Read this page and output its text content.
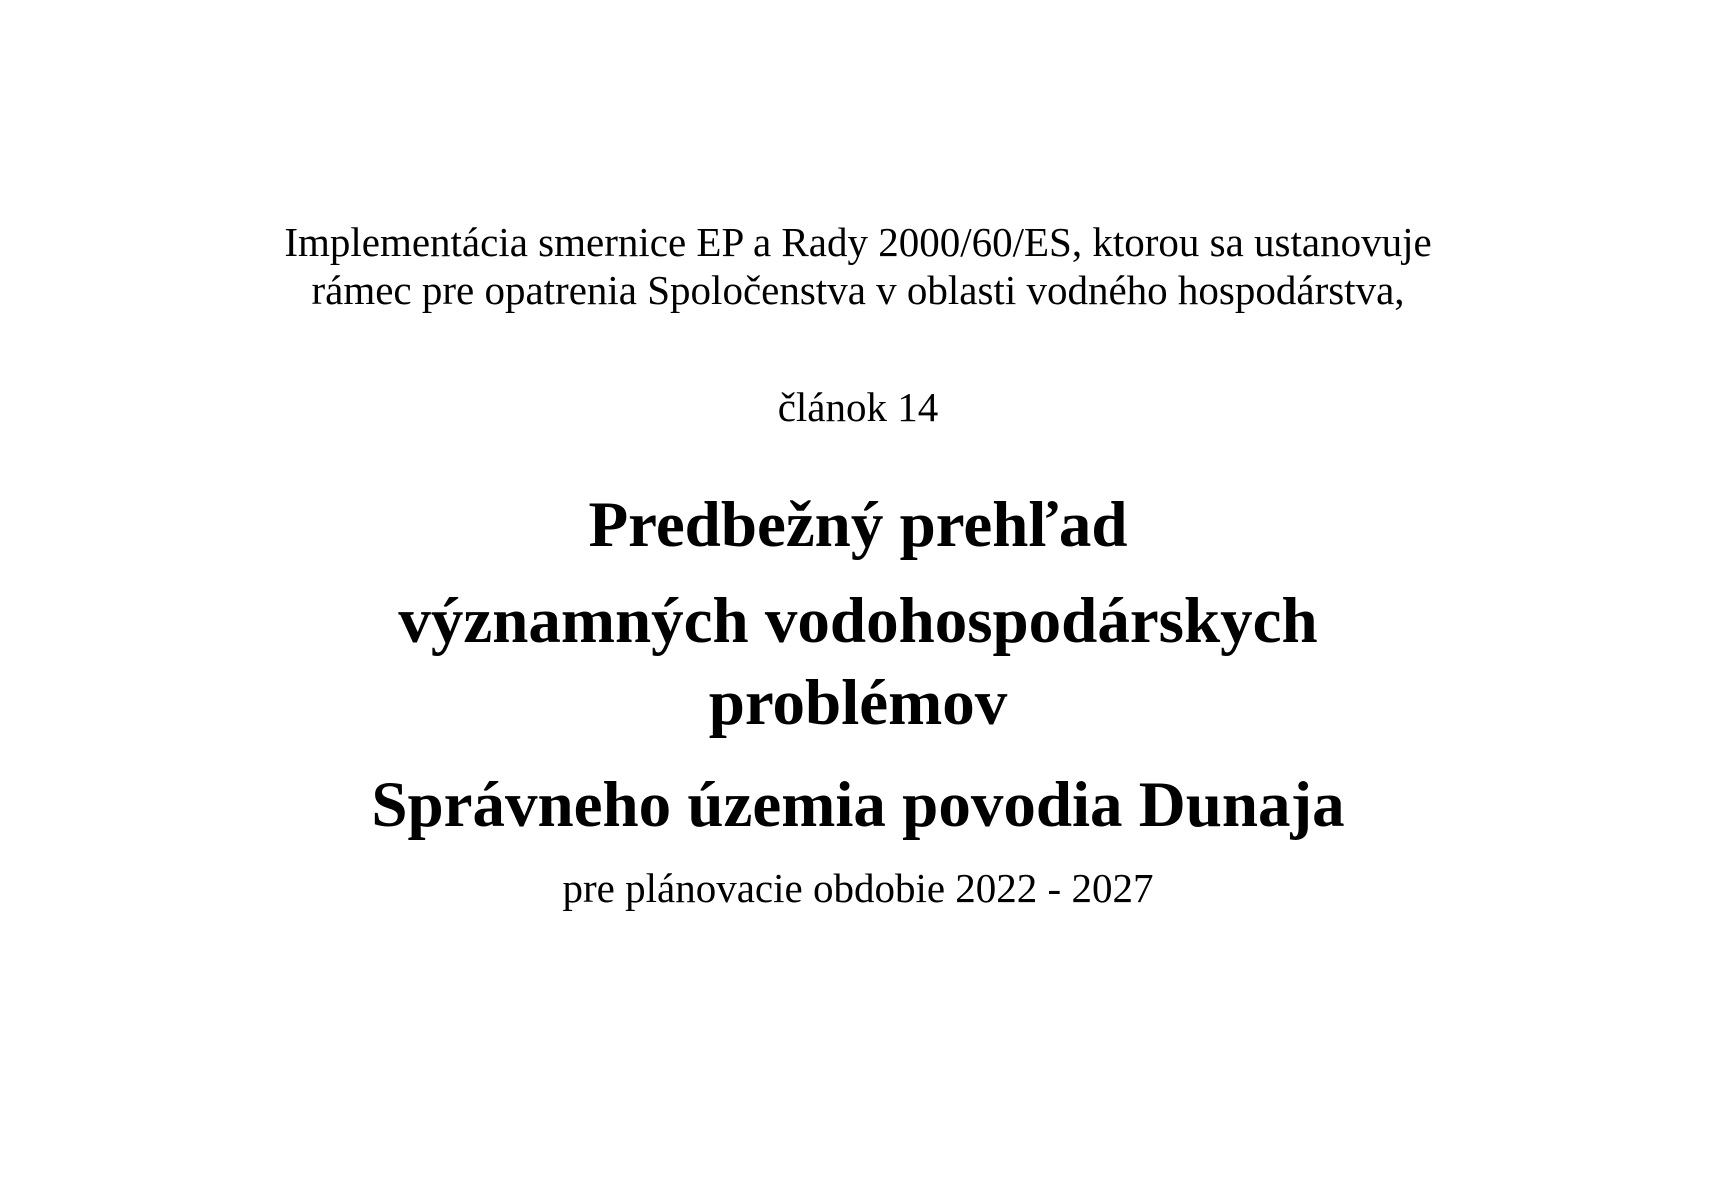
Implementácia smernice EP a Rady 2000/60/ES, ktorou sa ustanovuje

rámec pre opatrenia Spoločenstva v oblasti vodného hospodárstva,

článok 14

Predbežný prehľad
významných vodohospodárskych
problémov
Správneho územia povodia Dunaja

pre plánovacie obdobie 2022 - 2027
